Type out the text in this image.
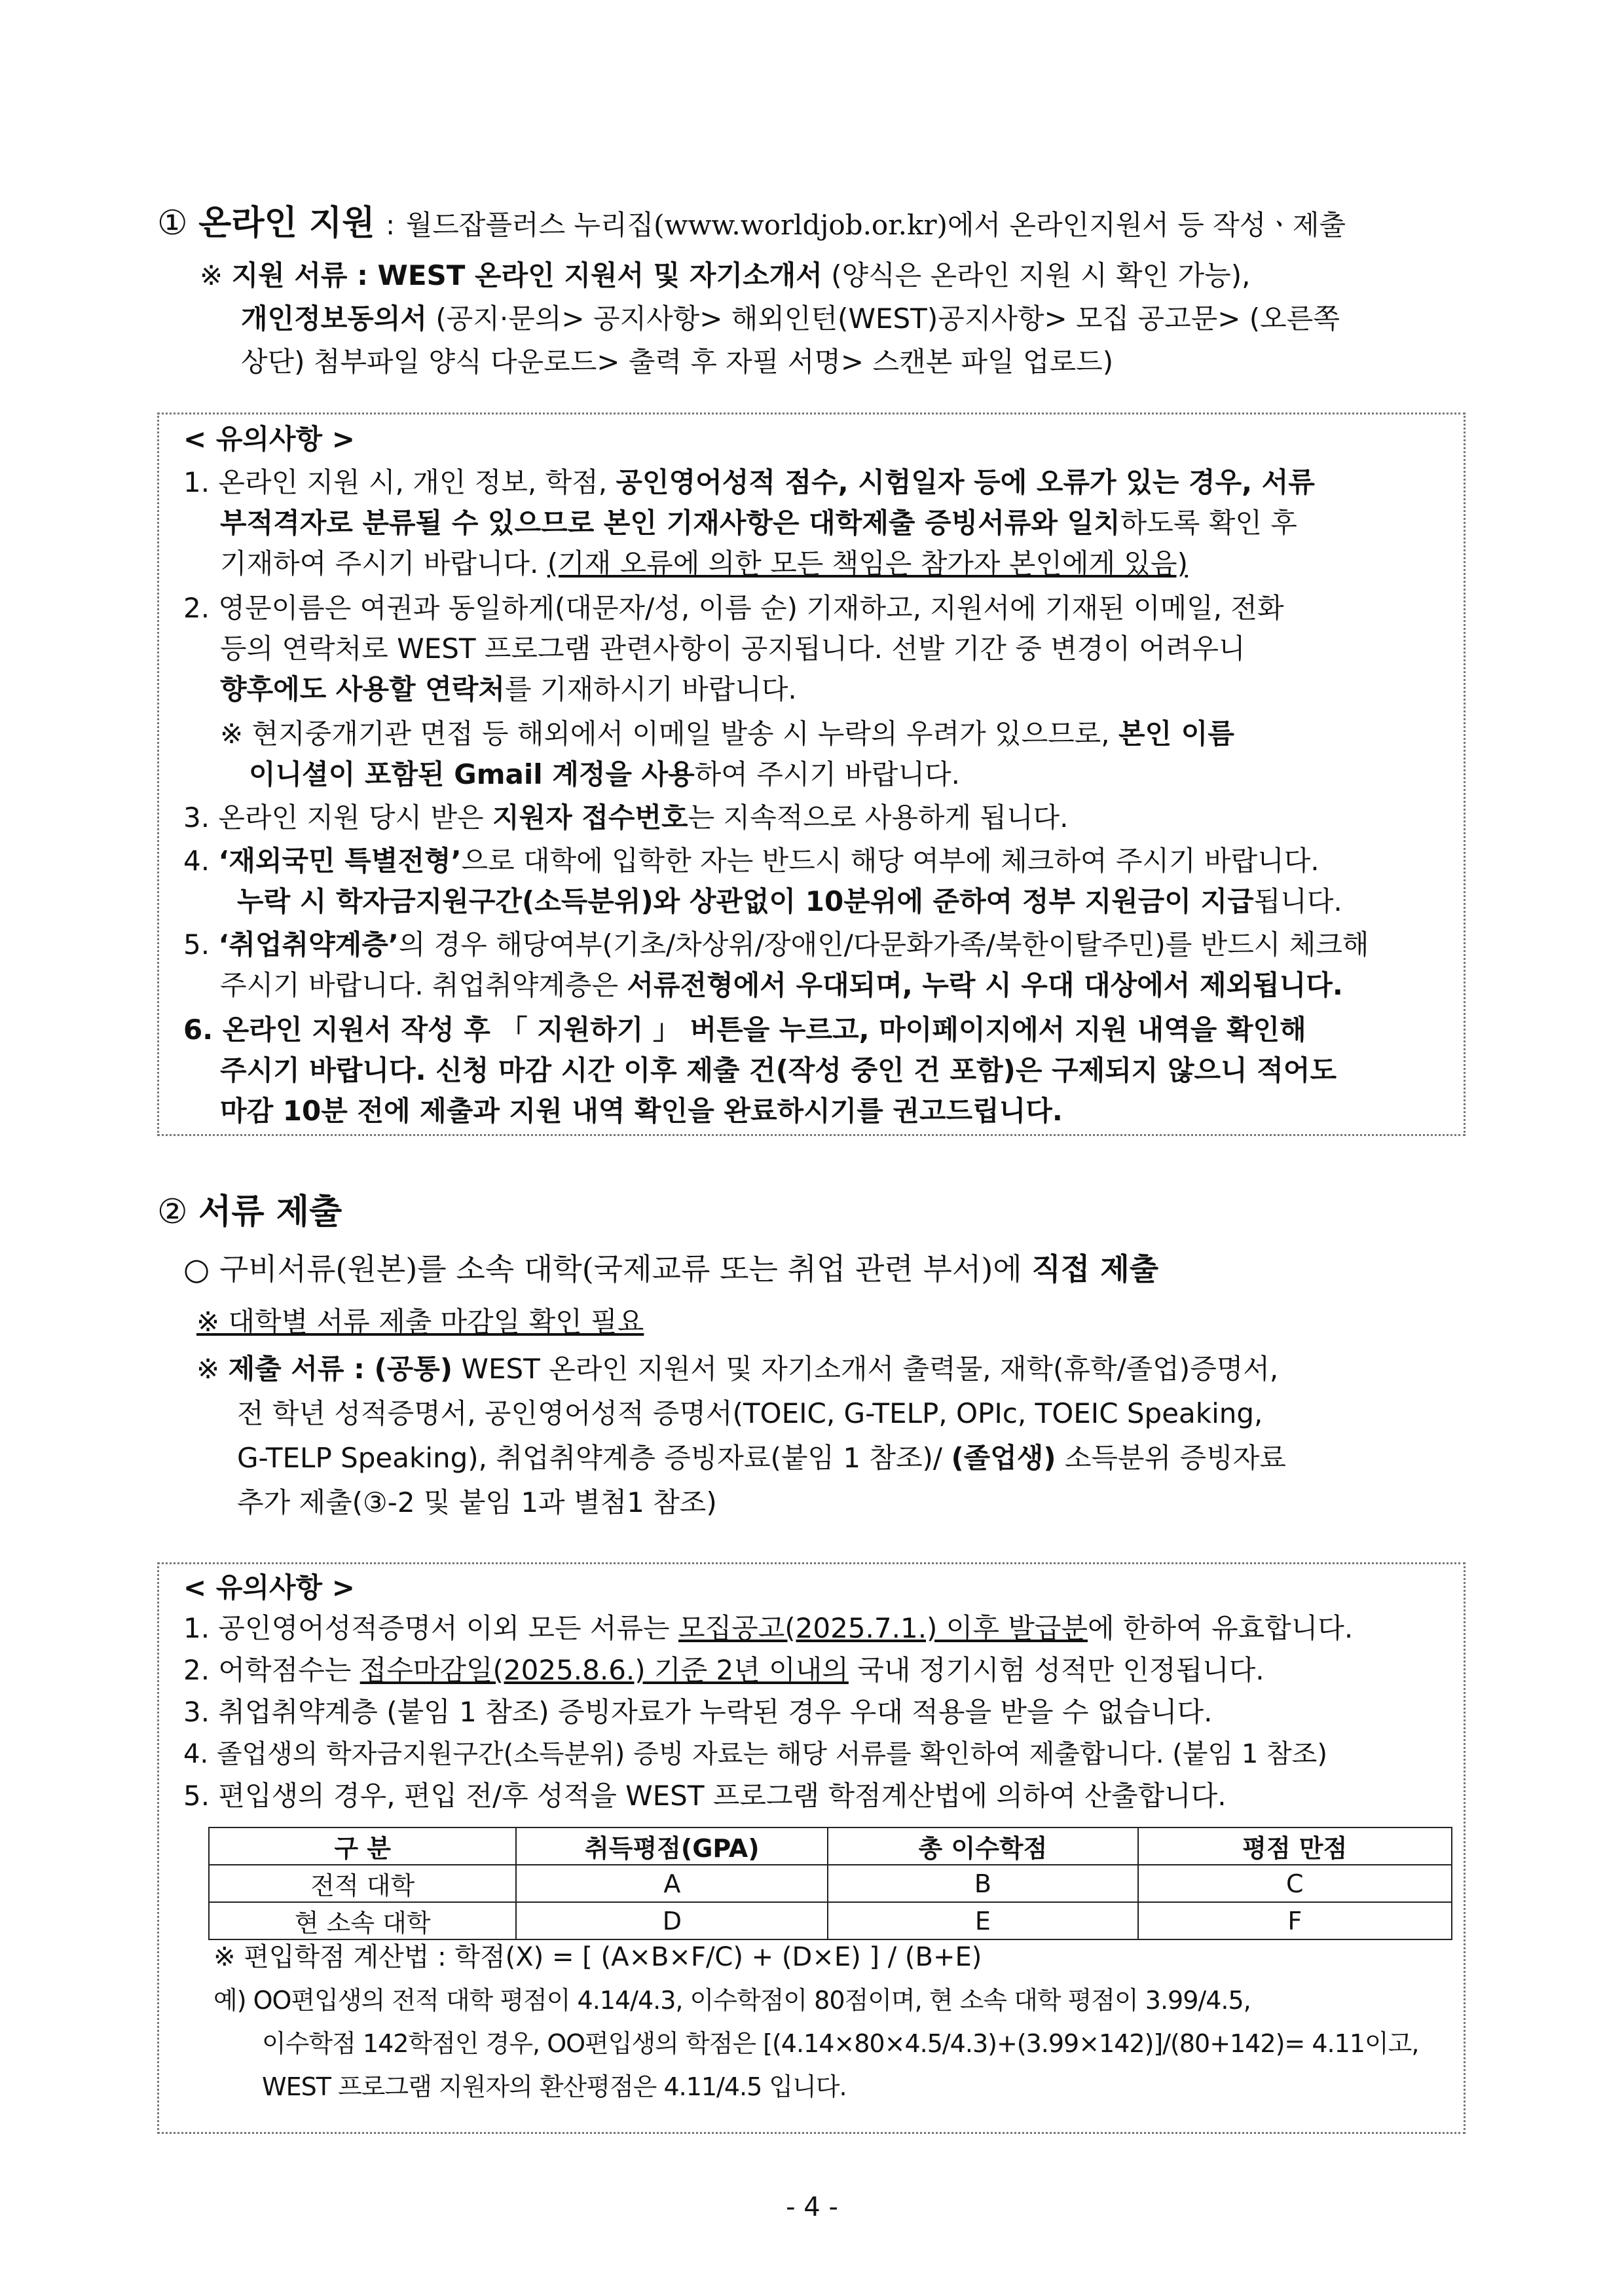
① 온라인 지원 : 월드잡플러스 누리집(www.worldjob.or.kr)에서 온라인지원서 등 작성ㆍ제출
※ 지원 서류 : WEST 온라인 지원서 및 자기소개서 (양식은 온라인 지원 시 확인 가능),
개인정보동의서 (공지·문의> 공지사항> 해외인턴(WEST)공지사항> 모집 공고문> (오른쪽
상단) 첨부파일 양식 다운로드> 출력 후 자필 서명> 스캔본 파일 업로드)
< 유의사항 >
1. 온라인 지원 시, 개인 정보, 학점, 공인영어성적 점수, 시험일자 등에 오류가 있는 경우, 서류
부적격자로 분류될 수 있으므로 본인 기재사항은 대학제출 증빙서류와 일치하도록 확인 후
기재하여 주시기 바랍니다. (기재 오류에 의한 모든 책임은 참가자 본인에게 있음)
2. 영문이름은 여권과 동일하게(대문자/성, 이름 순) 기재하고, 지원서에 기재된 이메일, 전화
등의 연락처로 WEST 프로그램 관련사항이 공지됩니다. 선발 기간 중 변경이 어려우니
향후에도 사용할 연락처를 기재하시기 바랍니다.
※ 현지중개기관 면접 등 해외에서 이메일 발송 시 누락의 우려가 있으므로, 본인 이름
이니셜이 포함된 Gmail 계정을 사용하여 주시기 바랍니다.
3. 온라인 지원 당시 받은 지원자 접수번호는 지속적으로 사용하게 됩니다.
4. ‘재외국민 특별전형’으로 대학에 입학한 자는 반드시 해당 여부에 체크하여 주시기 바랍니다.
누락 시 학자금지원구간(소득분위)와 상관없이 10분위에 준하여 정부 지원금이 지급됩니다.
5. ‘취업취약계층’의 경우 해당여부(기초/차상위/장애인/다문화가족/북한이탈주민)를 반드시 체크해
주시기 바랍니다. 취업취약계층은 서류전형에서 우대되며, 누락 시 우대 대상에서 제외됩니다.
6. 온라인 지원서 작성 후 「 지원하기 」 버튼을 누르고, 마이페이지에서 지원 내역을 확인해
주시기 바랍니다. 신청 마감 시간 이후 제출 건(작성 중인 건 포함)은 구제되지 않으니 적어도
마감 10분 전에 제출과 지원 내역 확인을 완료하시기를 권고드립니다.
② 서류 제출
○ 구비서류(원본)를 소속 대학(국제교류 또는 취업 관련 부서)에 직접 제출
※ 대학별 서류 제출 마감일 확인 필요
※ 제출 서류 : (공통) WEST 온라인 지원서 및 자기소개서 출력물, 재학(휴학/졸업)증명서,
전 학년 성적증명서, 공인영어성적 증명서(TOEIC, G-TELP, OPIc, TOEIC Speaking,
G-TELP Speaking), 취업취약계층 증빙자료(붙임 1 참조)/ (졸업생) 소득분위 증빙자료
추가 제출(③-2 및 붙임 1과 별첨1 참조)
< 유의사항 >
1. 공인영어성적증명서 이외 모든 서류는 모집공고(2025.7.1.) 이후 발급분에 한하여 유효합니다.
2. 어학점수는 접수마감일(2025.8.6.) 기준 2년 이내의 국내 정기시험 성적만 인정됩니다.
3. 취업취약계층 (붙임 1 참조) 증빙자료가 누락된 경우 우대 적용을 받을 수 없습니다.
4. 졸업생의 학자금지원구간(소득분위) 증빙 자료는 해당 서류를 확인하여 제출합니다. (붙임 1 참조)
5. 편입생의 경우, 편입 전/후 성적을 WEST 프로그램 학점계산법에 의하여 산출합니다.
구 분	취득평점(GPA)	총 이수학점	평점 만점
전적 대학	A	B	C
현 소속 대학	D	E	F
※ 편입학점 계산법 : 학점(X) = [ (A×B×F/C) + (D×E) ] / (B+E)
예) OO편입생의 전적 대학 평점이 4.14/4.3, 이수학점이 80점이며, 현 소속 대학 평점이 3.99/4.5,
이수학점 142학점인 경우, OO편입생의 학점은 [(4.14×80×4.5/4.3)+(3.99×142)]/(80+142)= 4.11이고,
WEST 프로그램 지원자의 환산평점은 4.11/4.5 입니다.
- 4 -
